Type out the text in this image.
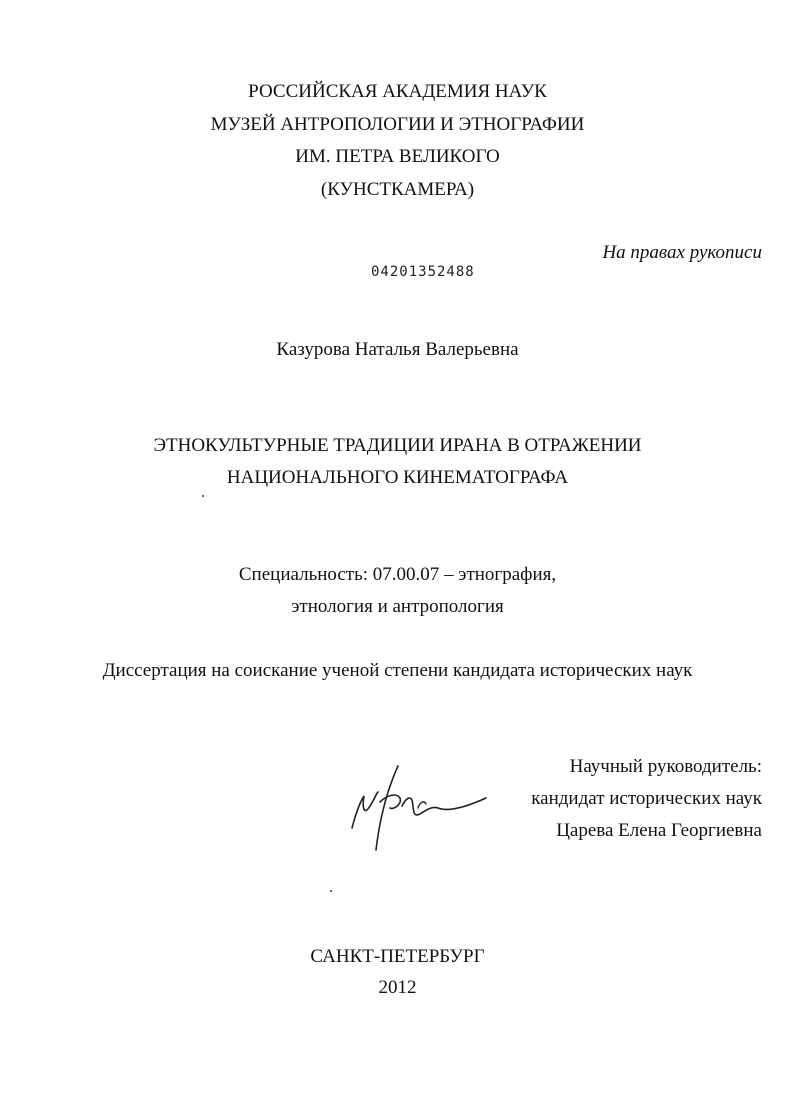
РОССИЙСКАЯ АКАДЕМИЯ НАУК
МУЗЕЙ АНТРОПОЛОГИИ И ЭТНОГРАФИИ
ИМ. ПЕТРА ВЕЛИКОГО
(КУНСТКАМЕРА)
На правах рукописи
04201352488
Казурова Наталья Валерьевна
ЭТНОКУЛЬТУРНЫЕ ТРАДИЦИИ ИРАНА В ОТРАЖЕНИИ
НАЦИОНАЛЬНОГО КИНЕМАТОГРАФА
Специальность: 07.00.07 – этнография,
этнология и антропология
Диссертация на соискание ученой степени кандидата исторических наук
Научный руководитель:
кандидат исторических наук
Царева Елена Георгиевна
САНКТ-ПЕТЕРБУРГ
2012
